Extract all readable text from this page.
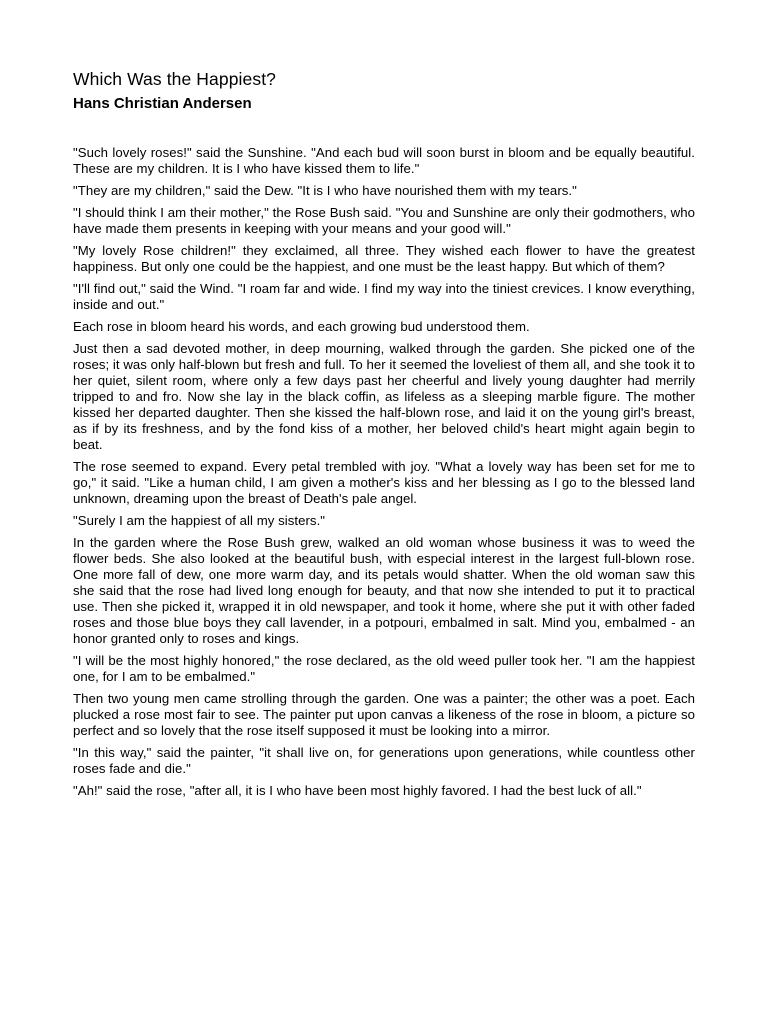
Which Was the Happiest?
Hans Christian Andersen

"Such lovely roses!" said the Sunshine. "And each bud will soon burst in bloom and be equally beautiful. These are my children. It is I who have kissed them to life."

"They are my children," said the Dew. "It is I who have nourished them with my tears."

"I should think I am their mother," the Rose Bush said. "You and Sunshine are only their godmothers, who have made them presents in keeping with your means and your good will."

"My lovely Rose children!" they exclaimed, all three. They wished each flower to have the greatest happiness. But only one could be the happiest, and one must be the least happy. But which of them?

"I'll find out," said the Wind. "I roam far and wide. I find my way into the tiniest crevices. I know everything, inside and out."

Each rose in bloom heard his words, and each growing bud understood them.

Just then a sad devoted mother, in deep mourning, walked through the garden. She picked one of the roses; it was only half-blown but fresh and full. To her it seemed the loveliest of them all, and she took it to her quiet, silent room, where only a few days past her cheerful and lively young daughter had merrily tripped to and fro. Now she lay in the black coffin, as lifeless as a sleeping marble figure. The mother kissed her departed daughter. Then she kissed the half-blown rose, and laid it on the young girl's breast, as if by its freshness, and by the fond kiss of a mother, her beloved child's heart might again begin to beat.

The rose seemed to expand. Every petal trembled with joy. "What a lovely way has been set for me to go," it said. "Like a human child, I am given a mother's kiss and her blessing as I go to the blessed land unknown, dreaming upon the breast of Death's pale angel.

"Surely I am the happiest of all my sisters."

In the garden where the Rose Bush grew, walked an old woman whose business it was to weed the flower beds. She also looked at the beautiful bush, with especial interest in the largest full-blown rose. One more fall of dew, one more warm day, and its petals would shatter. When the old woman saw this she said that the rose had lived long enough for beauty, and that now she intended to put it to practical use. Then she picked it, wrapped it in old newspaper, and took it home, where she put it with other faded roses and those blue boys they call lavender, in a potpouri, embalmed in salt. Mind you, embalmed - an honor granted only to roses and kings.

"I will be the most highly honored," the rose declared, as the old weed puller took her. "I am the happiest one, for I am to be embalmed."

Then two young men came strolling through the garden. One was a painter; the other was a poet. Each plucked a rose most fair to see. The painter put upon canvas a likeness of the rose in bloom, a picture so perfect and so lovely that the rose itself supposed it must be looking into a mirror.

"In this way," said the painter, "it shall live on, for generations upon generations, while countless other roses fade and die."

"Ah!" said the rose, "after all, it is I who have been most highly favored. I had the best luck of all."
